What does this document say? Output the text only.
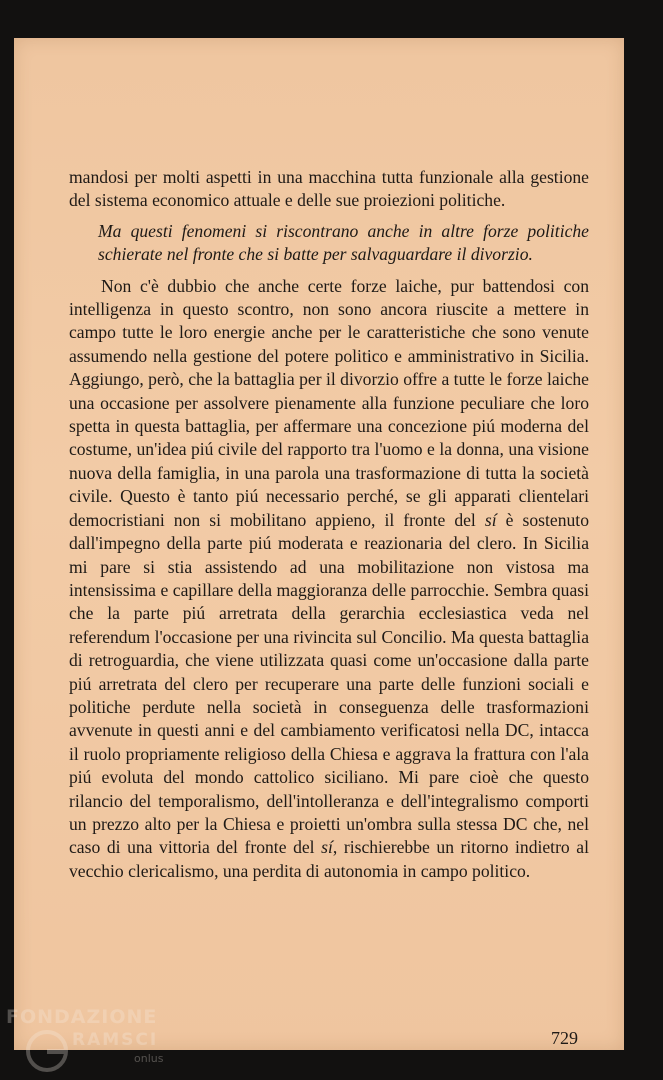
mandosi per molti aspetti in una macchina tutta funzionale alla gestione del sistema economico attuale e delle sue proiezioni politiche.

Ma questi fenomeni si riscontrano anche in altre forze politiche schierate nel fronte che si batte per salvaguardare il divorzio.

Non c'è dubbio che anche certe forze laiche, pur battendosi con intelligenza in questo scontro, non sono ancora riuscite a mettere in campo tutte le loro energie anche per le caratteristiche che sono venute assumendo nella gestione del potere politico e amministrativo in Sicilia. Aggiungo, però, che la battaglia per il divorzio offre a tutte le forze laiche una occasione per assolvere pienamente alla funzione peculiare che loro spetta in questa battaglia, per affermare una concezione piú moderna del costume, un'idea piú civile del rapporto tra l'uomo e la donna, una visione nuova della famiglia, in una parola una trasformazione di tutta la società civile. Questo è tanto piú necessario perché, se gli apparati clientelari democristiani non si mobilitano appieno, il fronte del sí è sostenuto dall'impegno della parte piú moderata e reazionaria del clero. In Sicilia mi pare si stia assistendo ad una mobilitazione non vistosa ma intensissima e capillare della maggioranza delle parrocchie. Sembra quasi che la parte piú arretrata della gerarchia ecclesiastica veda nel referendum l'occasione per una rivincita sul Concilio. Ma questa battaglia di retroguardia, che viene utilizzata quasi come un'occasione dalla parte piú arretrata del clero per recuperare una parte delle funzioni sociali e politiche perdute nella società in conseguenza delle trasformazioni avvenute in questi anni e del cambiamento verificatosi nella DC, intacca il ruolo propriamente religioso della Chiesa e aggrava la frattura con l'ala piú evoluta del mondo cattolico siciliano. Mi pare cioè che questo rilancio del temporalismo, dell'intolleranza e dell'integralismo comporti un prezzo alto per la Chiesa e proietti un'ombra sulla stessa DC che, nel caso di una vittoria del fronte del sí, rischierebbe un ritorno indietro al vecchio clericalismo, una perdita di autonomia in campo politico.

729
FONDAZIONE
RAMSCI
onlus
